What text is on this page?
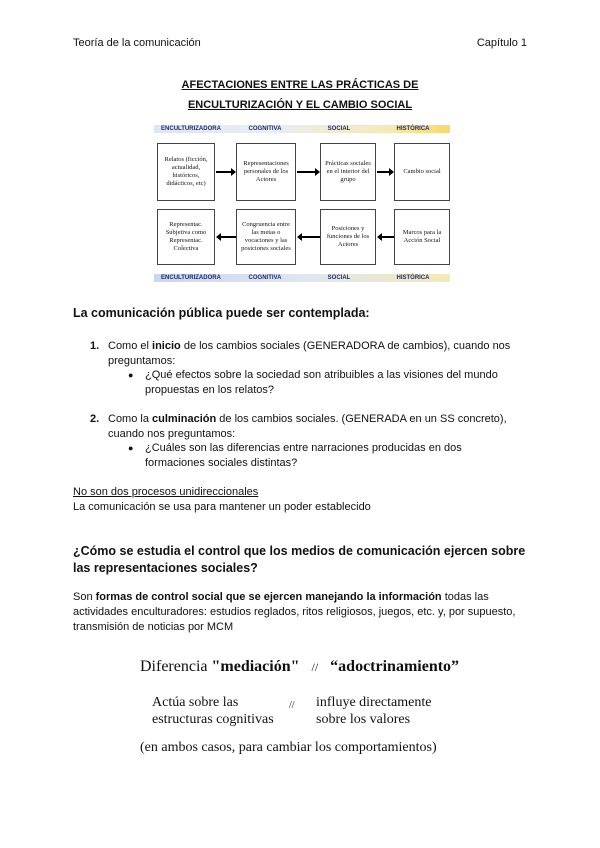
Teoría de la comunicación	Capítulo 1
AFECTACIONES ENTRE LAS PRÁCTICAS DE
ENCULTURIZACIÓN Y EL CAMBIO SOCIAL
ENCULTURIZADORA	COGNITIVA	SOCIAL	HISTÓRICA
Relatos (ficción, actualidad, históricos, didácticos, etc)
Representaciones personales de los Actores
Prácticas sociales en el interior del grupo
Cambio social
Representac. Subjetiva como Representac. Colectiva
Congruencia entre las metas o vocaciones y las posiciones sociales
Posiciones y funciones de los Actores
Marcos para la Acción Social
ENCULTURIZADORA	COGNITIVA	SOCIAL	HISTÓRICA
La comunicación pública puede ser contemplada:
1. Como el inicio de los cambios sociales (GENERADORA de cambios), cuando nos
preguntamos:
● ¿Qué efectos sobre la sociedad son atribuibles a las visiones del mundo
propuestas en los relatos?
2. Como la culminación de los cambios sociales. (GENERADA en un SS concreto),
cuando nos preguntamos:
● ¿Cuáles son las diferencias entre narraciones producidas en dos
formaciones sociales distintas?
No son dos procesos unidireccionales
La comunicación se usa para mantener un poder establecido
¿Cómo se estudia el control que los medios de comunicación ejercen sobre
las representaciones sociales?
Son formas de control social que se ejercen manejando la información todas las
actividades enculturadores: estudios reglados, ritos religiosos, juegos, etc. y, por supuesto,
transmisión de noticias por MCM
Diferencia "mediación" // “adoctrinamiento”
Actúa sobre las
estructuras cognitivas
// influye directamente
sobre los valores
(en ambos casos, para cambiar los comportamientos)
